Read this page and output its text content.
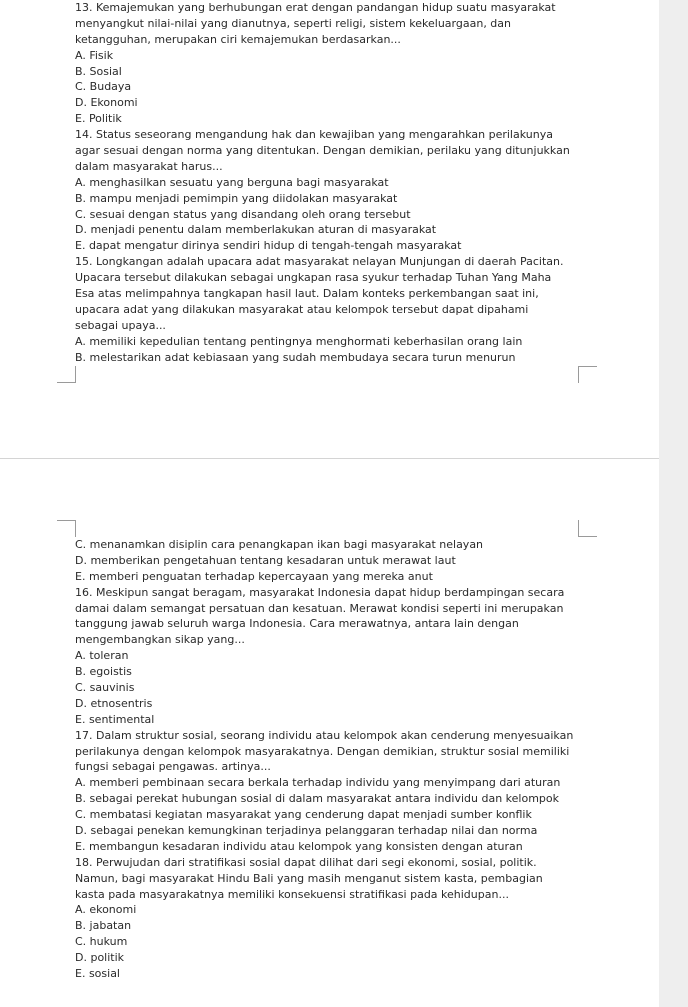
13. Kemajemukan yang berhubungan erat dengan pandangan hidup suatu masyarakat
menyangkut nilai-nilai yang dianutnya, seperti religi, sistem kekeluargaan, dan
ketangguhan, merupakan ciri kemajemukan berdasarkan...
A. Fisik
B. Sosial
C. Budaya
D. Ekonomi
E. Politik
14. Status seseorang mengandung hak dan kewajiban yang mengarahkan perilakunya
agar sesuai dengan norma yang ditentukan. Dengan demikian, perilaku yang ditunjukkan
dalam masyarakat harus...
A. menghasilkan sesuatu yang berguna bagi masyarakat
B. mampu menjadi pemimpin yang diidolakan masyarakat
C. sesuai dengan status yang disandang oleh orang tersebut
D. menjadi penentu dalam memberlakukan aturan di masyarakat
E. dapat mengatur dirinya sendiri hidup di tengah-tengah masyarakat
15. Longkangan adalah upacara adat masyarakat nelayan Munjungan di daerah Pacitan.
Upacara tersebut dilakukan sebagai ungkapan rasa syukur terhadap Tuhan Yang Maha
Esa atas melimpahnya tangkapan hasil laut. Dalam konteks perkembangan saat ini,
upacara adat yang dilakukan masyarakat atau kelompok tersebut dapat dipahami
sebagai upaya...
A. memiliki kepedulian tentang pentingnya menghormati keberhasilan orang lain
B. melestarikan adat kebiasaan yang sudah membudaya secara turun menurun
C. menanamkan disiplin cara penangkapan ikan bagi masyarakat nelayan
D. memberikan pengetahuan tentang kesadaran untuk merawat laut
E. memberi penguatan terhadap kepercayaan yang mereka anut
16. Meskipun sangat beragam, masyarakat Indonesia dapat hidup berdampingan secara
damai dalam semangat persatuan dan kesatuan. Merawat kondisi seperti ini merupakan
tanggung jawab seluruh warga Indonesia. Cara merawatnya, antara lain dengan
mengembangkan sikap yang...
A. toleran
B. egoistis
C. sauvinis
D. etnosentris
E. sentimental
17. Dalam struktur sosial, seorang individu atau kelompok akan cenderung menyesuaikan
perilakunya dengan kelompok masyarakatnya. Dengan demikian, struktur sosial memiliki
fungsi sebagai pengawas. artinya...
A. memberi pembinaan secara berkala terhadap individu yang menyimpang dari aturan
B. sebagai perekat hubungan sosial di dalam masyarakat antara individu dan kelompok
C. membatasi kegiatan masyarakat yang cenderung dapat menjadi sumber konflik
D. sebagai penekan kemungkinan terjadinya pelanggaran terhadap nilai dan norma
E. membangun kesadaran individu atau kelompok yang konsisten dengan aturan
18. Perwujudan dari stratifikasi sosial dapat dilihat dari segi ekonomi, sosial, politik.
Namun, bagi masyarakat Hindu Bali yang masih menganut sistem kasta, pembagian
kasta pada masyarakatnya memiliki konsekuensi stratifikasi pada kehidupan...
A. ekonomi
B. jabatan
C. hukum
D. politik
E. sosial
